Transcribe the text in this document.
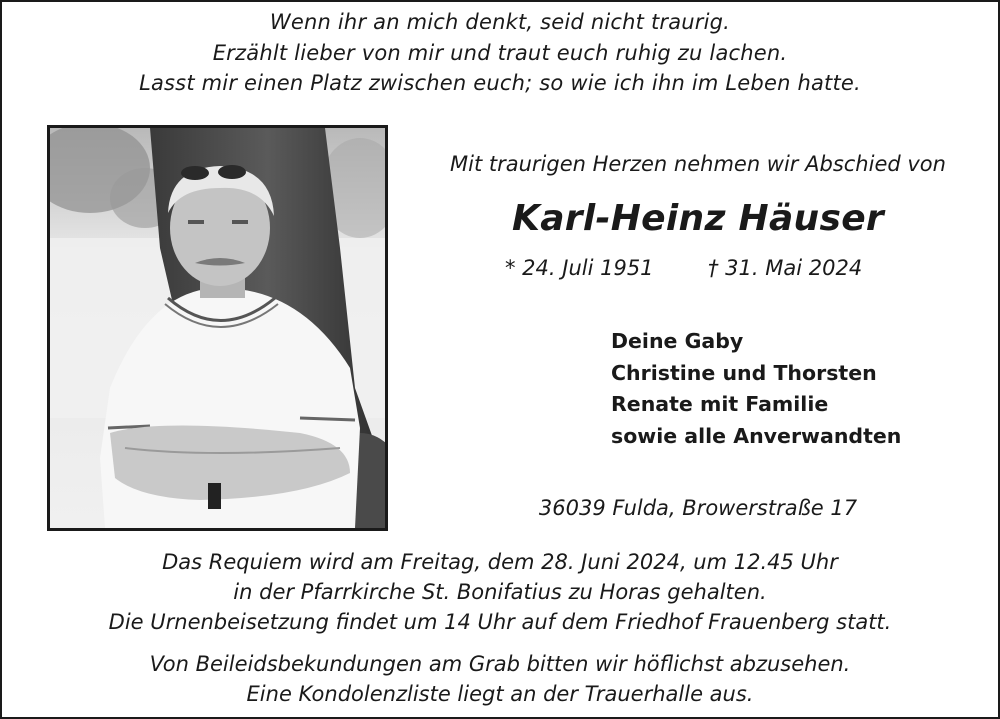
Wenn ihr an mich denkt, seid nicht traurig.
Erzählt lieber von mir und traut euch ruhig zu lachen.
Lasst mir einen Platz zwischen euch; so wie ich ihn im Leben hatte.
Mit traurigen Herzen nehmen wir Abschied von
Karl-Heinz Häuser
* 24. Juli 1951	† 31. Mai 2024
Deine Gaby
Christine und Thorsten
Renate mit Familie
sowie alle Anverwandten
36039 Fulda, Browerstraße 17
Das Requiem wird am Freitag, dem 28. Juni 2024, um 12.45 Uhr
in der Pfarrkirche St. Bonifatius zu Horas gehalten.
Die Urnenbeisetzung findet um 14 Uhr auf dem Friedhof Frauenberg statt.
Von Beileidsbekundungen am Grab bitten wir höflichst abzusehen.
Eine Kondolenzliste liegt an der Trauerhalle aus.
